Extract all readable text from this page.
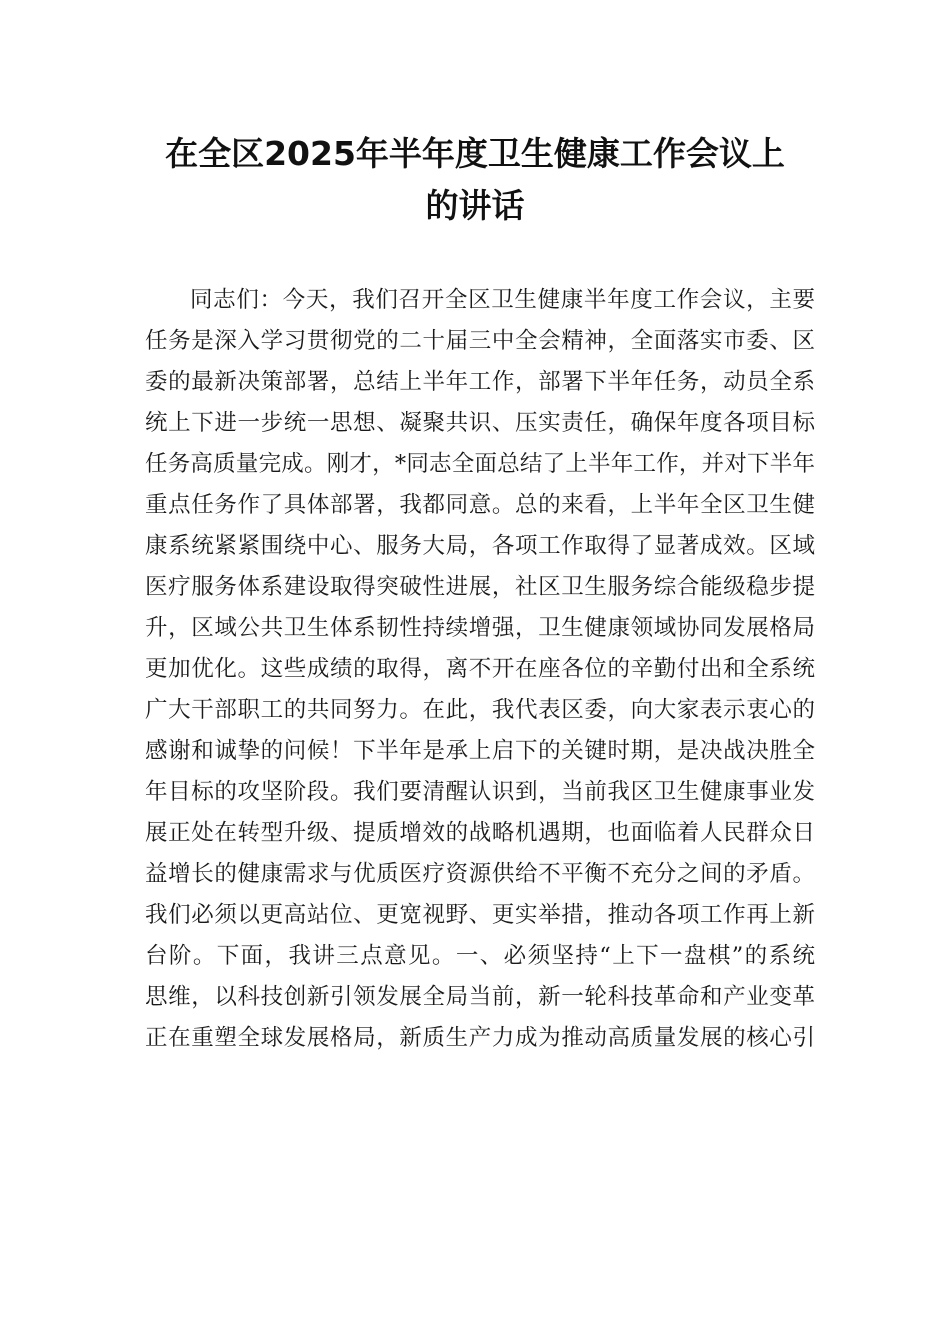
在全区2025年半年度卫生健康工作会议上
的讲话
同志们：今天，我们召开全区卫生健康半年度工作会议，主要
任务是深入学习贯彻党的二十届三中全会精神，全面落实市委、区
委的最新决策部署，总结上半年工作，部署下半年任务，动员全系
统上下进一步统一思想、凝聚共识、压实责任，确保年度各项目标
任务高质量完成。刚才，*同志全面总结了上半年工作，并对下半年
重点任务作了具体部署，我都同意。总的来看，上半年全区卫生健
康系统紧紧围绕中心、服务大局，各项工作取得了显著成效。区域
医疗服务体系建设取得突破性进展，社区卫生服务综合能级稳步提
升，区域公共卫生体系韧性持续增强，卫生健康领域协同发展格局
更加优化。这些成绩的取得，离不开在座各位的辛勤付出和全系统
广大干部职工的共同努力。在此，我代表区委，向大家表示衷心的
感谢和诚挚的问候！下半年是承上启下的关键时期，是决战决胜全
年目标的攻坚阶段。我们要清醒认识到，当前我区卫生健康事业发
展正处在转型升级、提质增效的战略机遇期，也面临着人民群众日
益增长的健康需求与优质医疗资源供给不平衡不充分之间的矛盾。
我们必须以更高站位、更宽视野、更实举措，推动各项工作再上新
台阶。下面，我讲三点意见。一、必须坚持“上下一盘棋”的系统
思维，以科技创新引领发展全局当前，新一轮科技革命和产业变革
正在重塑全球发展格局，新质生产力成为推动高质量发展的核心引
